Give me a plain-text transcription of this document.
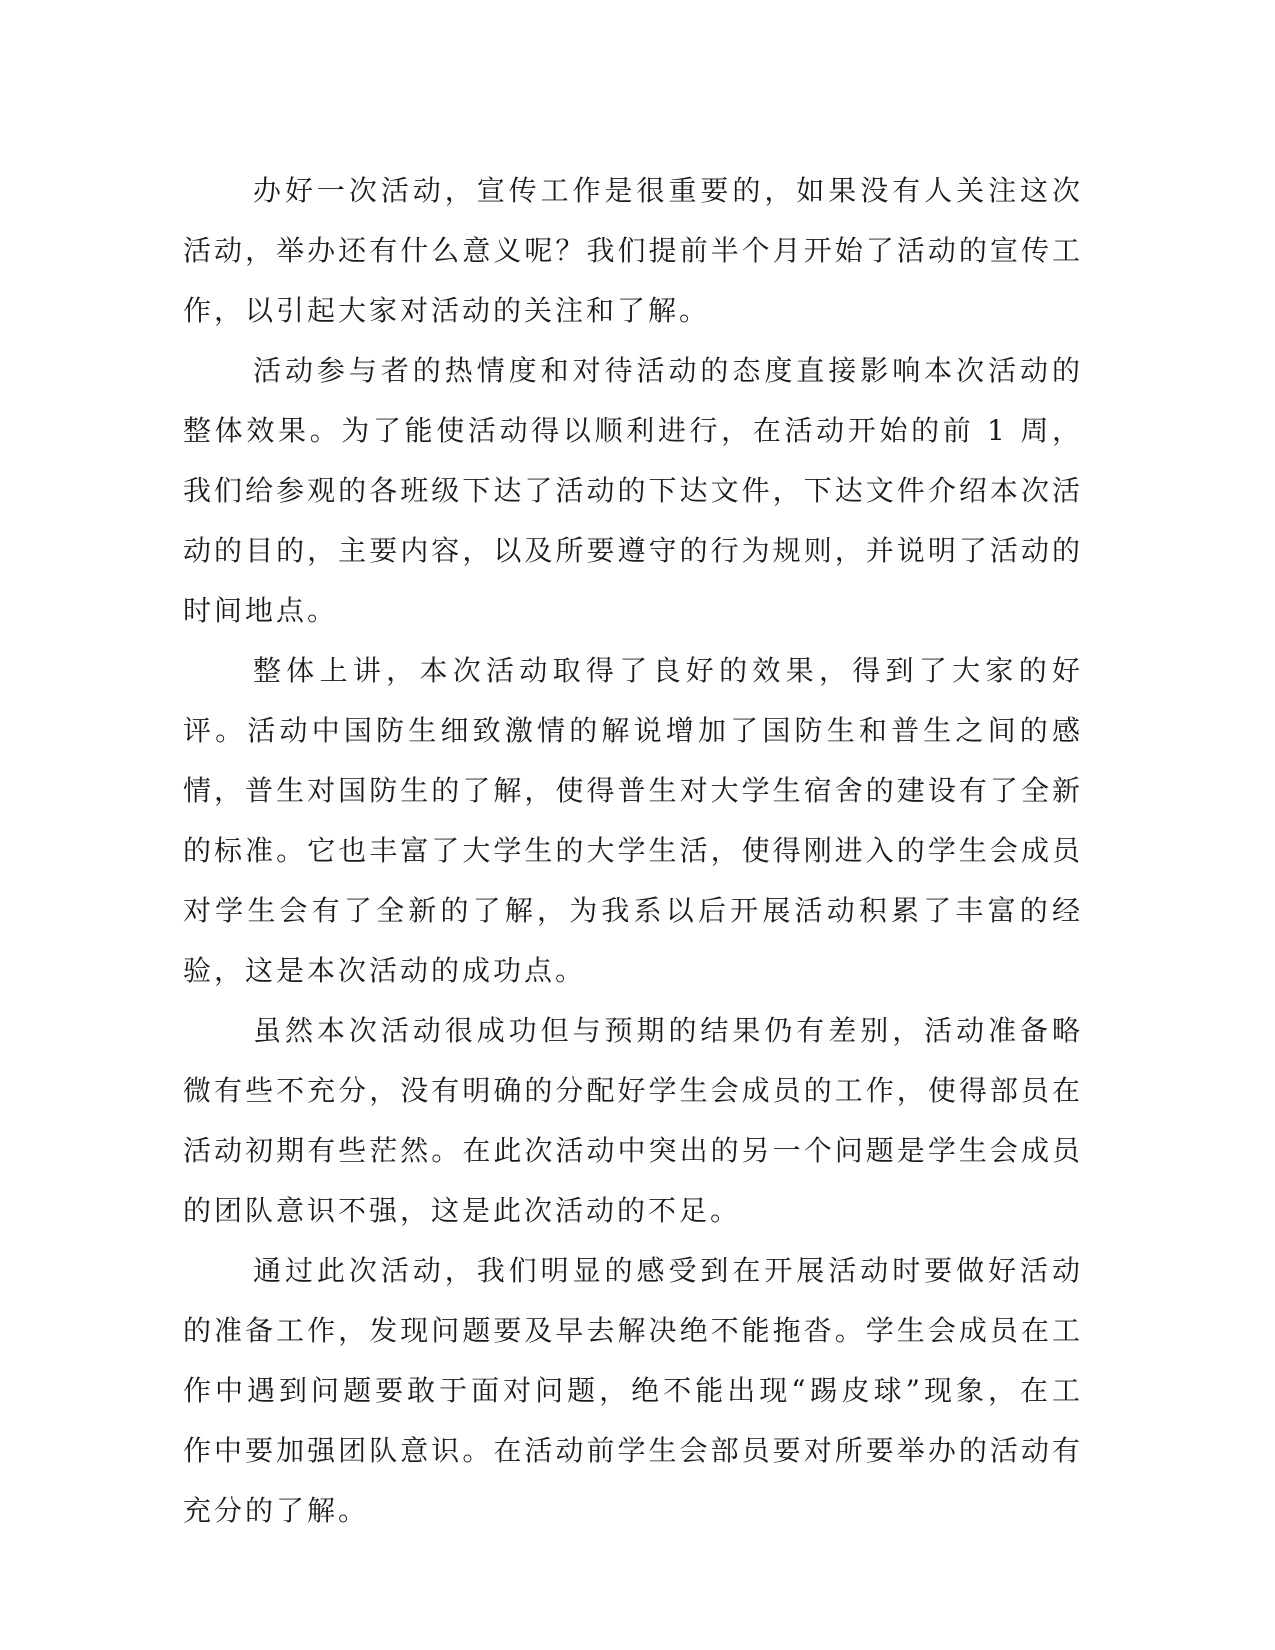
办好一次活动，宣传工作是很重要的，如果没有人关注这次活动，举办还有什么意义呢？我们提前半个月开始了活动的宣传工作，以引起大家对活动的关注和了解。

活动参与者的热情度和对待活动的态度直接影响本次活动的整体效果。为了能使活动得以顺利进行，在活动开始的前 1 周，我们给参观的各班级下达了活动的下达文件，下达文件介绍本次活动的目的，主要内容，以及所要遵守的行为规则，并说明了活动的时间地点。

整体上讲，本次活动取得了良好的效果，得到了大家的好评。活动中国防生细致激情的解说增加了国防生和普生之间的感情，普生对国防生的了解，使得普生对大学生宿舍的建设有了全新的标准。它也丰富了大学生的大学生活，使得刚进入的学生会成员对学生会有了全新的了解，为我系以后开展活动积累了丰富的经验，这是本次活动的成功点。

虽然本次活动很成功但与预期的结果仍有差别，活动准备略微有些不充分，没有明确的分配好学生会成员的工作，使得部员在活动初期有些茫然。在此次活动中突出的另一个问题是学生会成员的团队意识不强，这是此次活动的不足。

通过此次活动，我们明显的感受到在开展活动时要做好活动的准备工作，发现问题要及早去解决绝不能拖沓。学生会成员在工作中遇到问题要敢于面对问题，绝不能出现“踢皮球”现象，在工作中要加强团队意识。在活动前学生会部员要对所要举办的活动有充分的了解。
